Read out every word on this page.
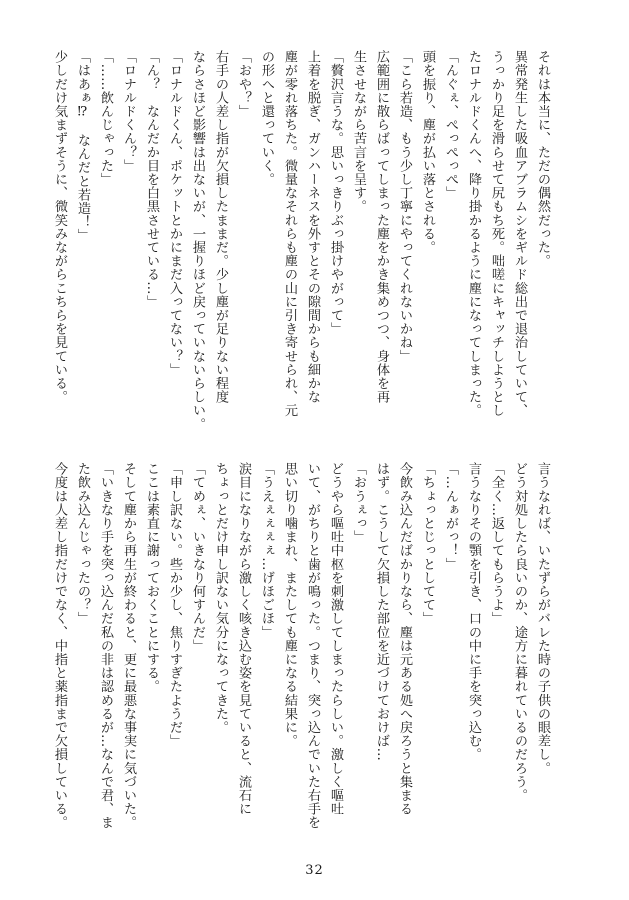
それは本当に、ただの偶然だった。
異常発生した吸血アブラムシをギルド総出で退治していて、
うっかり足を滑らせて尻もち死。咄嗟にキャッチしようとし
たロナルドくんへ、降り掛かるように塵になってしまった。
「んぐぇ、ぺっぺっぺ」
頭を振り、塵が払い落とされる。
「こら若造、もう少し丁寧にやってくれないかね」
広範囲に散らばってしまった塵をかき集めつつ、身体を再
生させながら苦言を呈す。
「贅沢言うな。思いっきりぶっ掛けやがって」
上着を脱ぎ、ガンハーネスを外すとその隙間からも細かな
塵が零れ落ちた。微量なそれらも塵の山に引き寄せられ、元
の形へと還っていく。
「おや？」
右手の人差し指が欠損したままだ。少し塵が足りない程度
ならさほど影響は出ないが、一握りほど戻っていないらしい。
「ロナルドくん、ポケットとかにまだ入ってない？」
「ん？　なんだか目を白黒させている…」
「ロナルドくん？」
「……飲んじゃった」
「はあぁ⁉　なんだと若造！」
少しだけ気まずそうに、微笑みながらこちらを見ている。
言うなれば、いたずらがバレた時の子供の眼差し。
どう対処したら良いのか、途方に暮れているのだろう。
「全く…返してもらうよ」
言うなりその顎を引き、口の中に手を突っ込む。
「…んぁがっ！」
「ちょっとじっとしてて」
今飲み込んだばかりなら、塵は元ある処へ戻ろうと集まる
はず。こうして欠損した部位を近づけておけば…
「おうぇっ」
どうやら嘔吐中枢を刺激してしまったらしい。激しく嘔吐
いて、がちりと歯が鳴った。つまり、突っ込んでいた右手を
思い切り噛まれ、またしても塵になる結果に。
「うえぇぇぇぇ…げほごほ」
涙目になりながら激しく咳き込む姿を見ていると、流石に
ちょっとだけ申し訳ない気分になってきた。
「てめぇ、いきなり何すんだ」
「申し訳ない。些か少し、焦りすぎたようだ」
ここは素直に謝っておくことにする。
そして塵から再生が終わると、更に最悪な事実に気づいた。
「いきなり手を突っ込んだ私の非は認めるが…なんで君、ま
た飲み込んじゃったの？」
今度は人差し指だけでなく、中指と薬指まで欠損している。
32
